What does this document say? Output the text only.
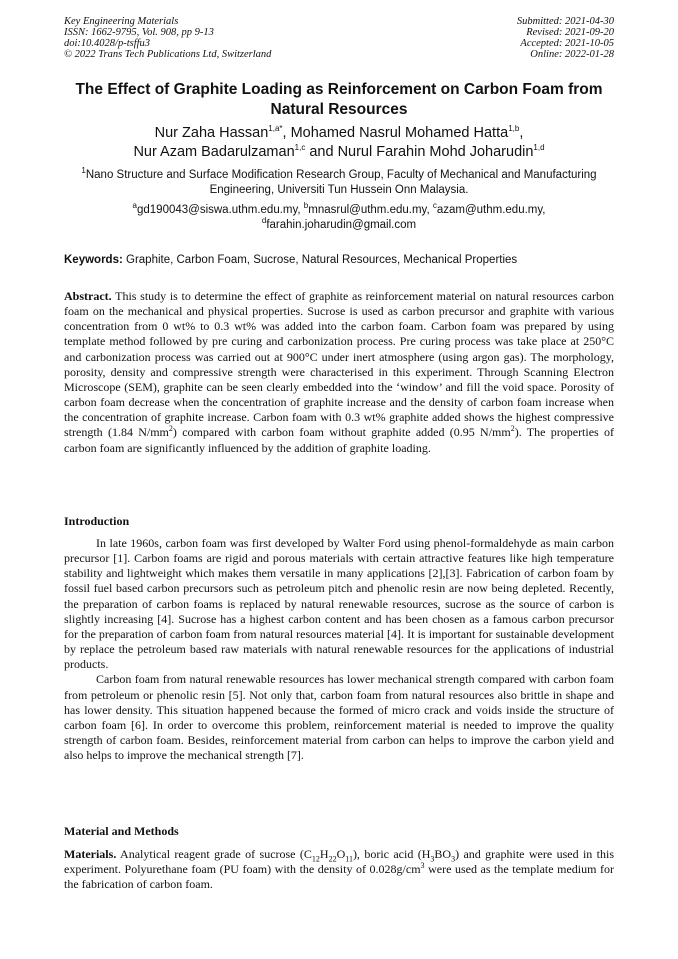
Key Engineering Materials
ISSN: 1662-9795, Vol. 908, pp 9-13
doi:10.4028/p-tsffu3
© 2022 Trans Tech Publications Ltd, Switzerland
Submitted: 2021-04-30
Revised: 2021-09-20
Accepted: 2021-10-05
Online: 2022-01-28
The Effect of Graphite Loading as Reinforcement on Carbon Foam from Natural Resources
Nur Zaha Hassan$^{1,a*}$, Mohamed Nasrul Mohamed Hatta$^{1,b}$,
Nur Azam Badarulzaman$^{1,c}$ and Nurul Farahin Mohd Joharudin$^{1,d}$
$^1$Nano Structure and Surface Modification Research Group, Faculty of Mechanical and Manufacturing Engineering, Universiti Tun Hussein Onn Malaysia.
$^a$gd190043@siswa.uthm.edu.my, $^b$mnasrul@uthm.edu.my, $^c$azam@uthm.edu.my,
$^d$farahin.joharudin@gmail.com
Keywords: Graphite, Carbon Foam, Sucrose, Natural Resources, Mechanical Properties
Abstract. This study is to determine the effect of graphite as reinforcement material on natural resources carbon foam on the mechanical and physical properties. Sucrose is used as carbon precursor and graphite with various concentration from 0 wt% to 0.3 wt% was added into the carbon foam. Carbon foam was prepared by using template method followed by pre curing and carbonization process. Pre curing process was take place at 250°C and carbonization process was carried out at 900°C under inert atmosphere (using argon gas). The morphology, porosity, density and compressive strength were characterised in this experiment. Through Scanning Electron Microscope (SEM), graphite can be seen clearly embedded into the ‘window’ and fill the void space. Porosity of carbon foam decrease when the concentration of graphite increase and the density of carbon foam increase when the concentration of graphite increase. Carbon foam with 0.3 wt% graphite added shows the highest compressive strength (1.84 $N/mm^2$) compared with carbon foam without graphite added (0.95 $N/mm^2$). The properties of carbon foam are significantly influenced by the addition of graphite loading.
Introduction

In late 1960s, carbon foam was first developed by Walter Ford using phenol-formaldehyde as main carbon precursor [1]. Carbon foams are rigid and porous materials with certain attractive features like high temperature stability and lightweight which makes them versatile in many applications [2],[3]. Fabrication of carbon foam by fossil fuel based carbon precursors such as petroleum pitch and phenolic resin are now being depleted. Recently, the preparation of carbon foams is replaced by natural renewable resources, sucrose as the source of carbon is slightly increasing [4]. Sucrose has a highest carbon content and has been chosen as a famous carbon precursor for the preparation of carbon foam from natural resources material [4]. It is important for sustainable development by replace the petroleum based raw materials with natural renewable resources for the applications of industrial products.

Carbon foam from natural renewable resources has lower mechanical strength compared with carbon foam from petroleum or phenolic resin [5]. Not only that, carbon foam from natural resources also brittle in shape and has lower density. This situation happened because the formed of micro crack and voids inside the structure of carbon foam [6]. In order to overcome this problem, reinforcement material is needed to improve the quality strength of carbon foam. Besides, reinforcement material from carbon can helps to improve the carbon yield and also helps to improve the mechanical strength [7].

Material and Methods
Materials. Analytical reagent grade of sucrose $(C_{12}H_{22}O_{11})$, boric acid $(H_3BO_3)$ and graphite were used in this experiment. Polyurethane foam (PU foam) with the density of $0.028g/cm^3$ were used as the template medium for the fabrication of carbon foam.
